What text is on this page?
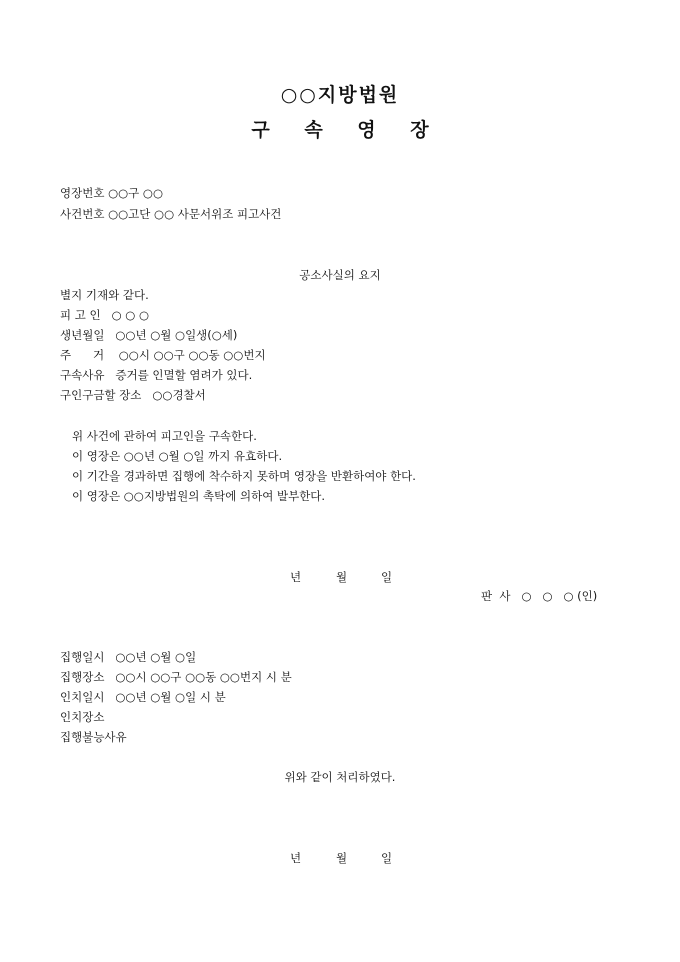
○○지방법원
구 속 영 장
영장번호 ○○구 ○○
사건번호 ○○고단 ○○ 사문서위조 피고사건
공소사실의 요지
별지 기재와 같다.
피 고 인   ○ ○ ○
생년월일   ○○년 ○월 ○일생(○세)
주      거    ○○시 ○○구 ○○동 ○○번지
구속사유   증거를 인멸할 염려가 있다.
구인구금할 장소   ○○경찰서
위 사건에 관하여 피고인을 구속한다.
이 영장은 ○○년 ○월 ○일 까지 유효하다.
이 기간을 경과하면 집행에 착수하지 못하며 영장을 반환하여야 한다.
이 영장은 ○○지방법원의 촉탁에 의하여 발부한다.
년	월	일
판  사   ○   ○   ○ (인)
집행일시   ○○년 ○월 ○일
집행장소   ○○시 ○○구 ○○동 ○○번지 시 분
인치일시   ○○년 ○월 ○일 시 분
인치장소
집행불능사유
위와 같이 처리하였다.
년	월	일
